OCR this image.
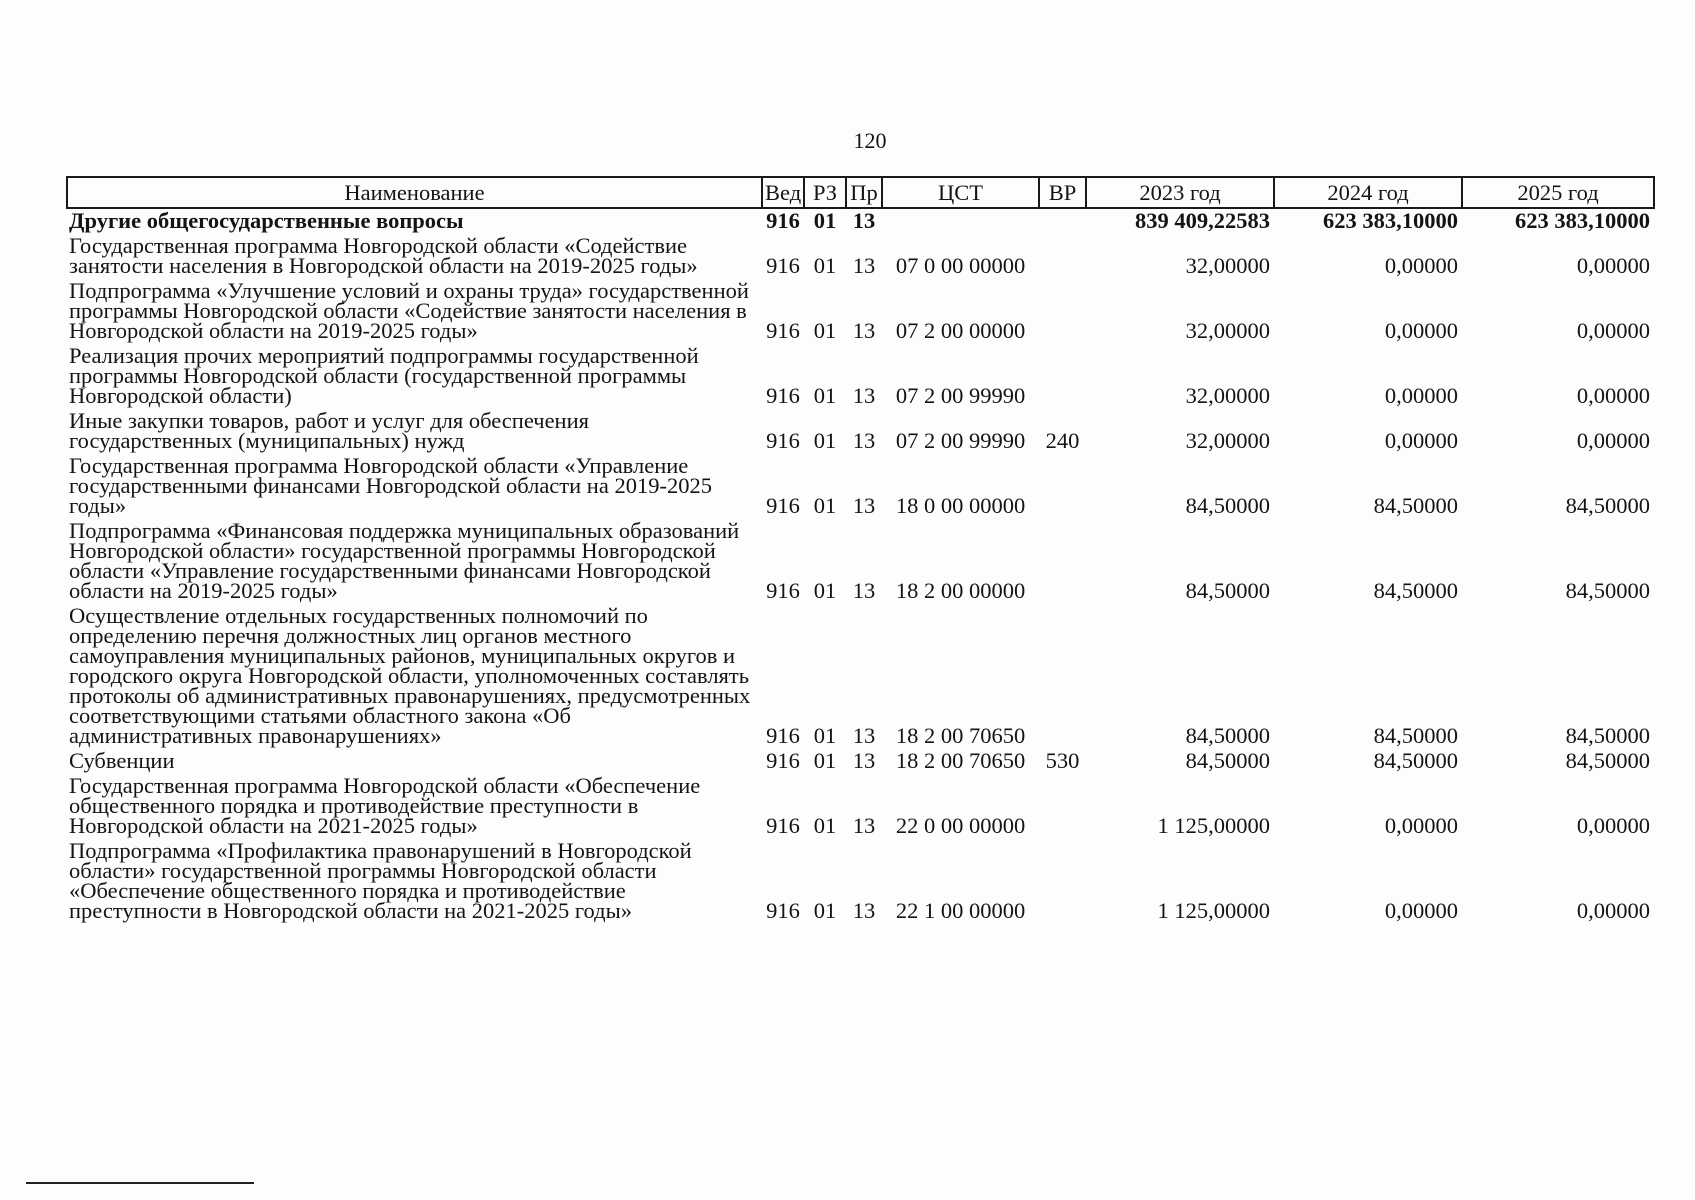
120
Наименование	Вед	РЗ	Пр	ЦСТ	ВР	2023 год	2024 год	2025 год
Другие общегосударственные вопросы	916	01	13			839 409,22583	623 383,10000	623 383,10000
Государственная программа Новгородской области «Содействие занятости населения в Новгородской области на 2019-2025 годы»	916	01	13	07 0 00 00000		32,00000	0,00000	0,00000
Подпрограмма «Улучшение условий и охраны труда» государственной программы Новгородской области «Содействие занятости населения в Новгородской области на 2019-2025 годы»	916	01	13	07 2 00 00000		32,00000	0,00000	0,00000
Реализация прочих мероприятий подпрограммы государственной программы Новгородской области (государственной программы Новгородской области)	916	01	13	07 2 00 99990		32,00000	0,00000	0,00000
Иные закупки товаров, работ и услуг для обеспечения государственных (муниципальных) нужд	916	01	13	07 2 00 99990	240	32,00000	0,00000	0,00000
Государственная программа Новгородской области «Управление государственными финансами Новгородской области на 2019-2025 годы»	916	01	13	18 0 00 00000		84,50000	84,50000	84,50000
Подпрограмма «Финансовая поддержка муниципальных образований Новгородской области» государственной программы Новгородской области «Управление государственными финансами Новгородской области на 2019-2025 годы»	916	01	13	18 2 00 00000		84,50000	84,50000	84,50000
Осуществление отдельных государственных полномочий по определению перечня должностных лиц органов местного самоуправления муниципальных районов, муниципальных округов и городского округа Новгородской области, уполномоченных составлять протоколы об административных правонарушениях, предусмотренных соответствующими статьями областного закона «Об административных правонарушениях»	916	01	13	18 2 00 70650		84,50000	84,50000	84,50000
Субвенции	916	01	13	18 2 00 70650	530	84,50000	84,50000	84,50000
Государственная программа Новгородской области «Обеспечение общественного порядка и противодействие преступности в Новгородской области на 2021-2025 годы»	916	01	13	22 0 00 00000		1 125,00000	0,00000	0,00000
Подпрограмма «Профилактика правонарушений в Новгородской области» государственной программы Новгородской области «Обеспечение общественного порядка и противодействие преступности в Новгородской области на 2021-2025 годы»	916	01	13	22 1 00 00000		1 125,00000	0,00000	0,00000
